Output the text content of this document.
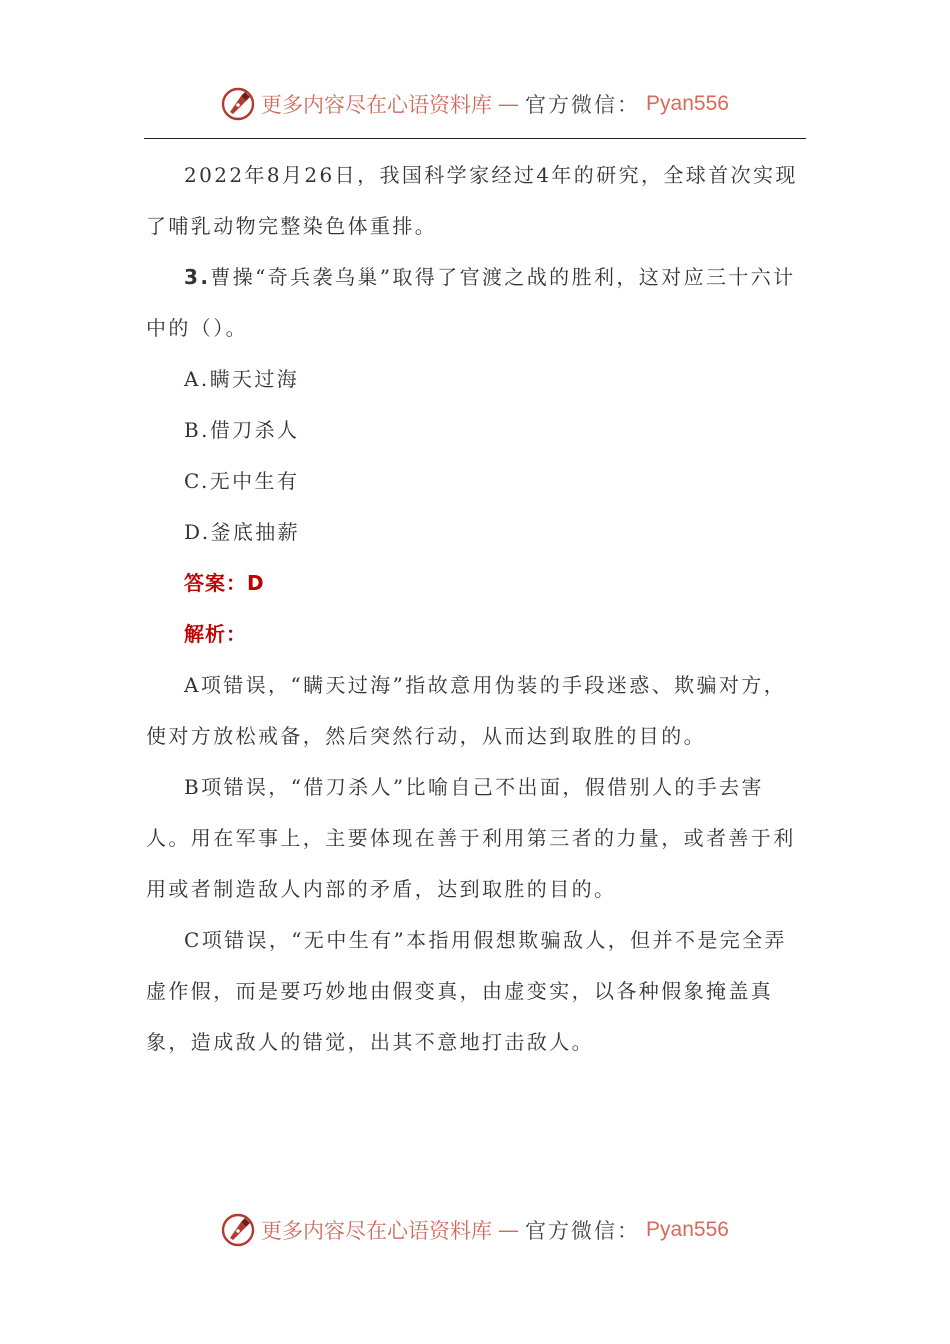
更多内容尽在心语资料库 — 官方微信： Pyan556

2022年8月26日，我国科学家经过4年的研究，全球首次实现了哺乳动物完整染色体重排。

3.曹操“奇兵袭乌巢”取得了官渡之战的胜利，这对应三十六计中的（）。

A.瞒天过海

B.借刀杀人

C.无中生有

D.釜底抽薪

答案：D

解析：

A项错误，“瞒天过海”指故意用伪装的手段迷惑、欺骗对方，使对方放松戒备，然后突然行动，从而达到取胜的目的。

B项错误，“借刀杀人”比喻自己不出面，假借别人的手去害人。用在军事上，主要体现在善于利用第三者的力量，或者善于利用或者制造敌人内部的矛盾，达到取胜的目的。

C项错误，“无中生有”本指用假想欺骗敌人，但并不是完全弄虚作假，而是要巧妙地由假变真，由虚变实，以各种假象掩盖真象，造成敌人的错觉，出其不意地打击敌人。

更多内容尽在心语资料库 — 官方微信： Pyan556
